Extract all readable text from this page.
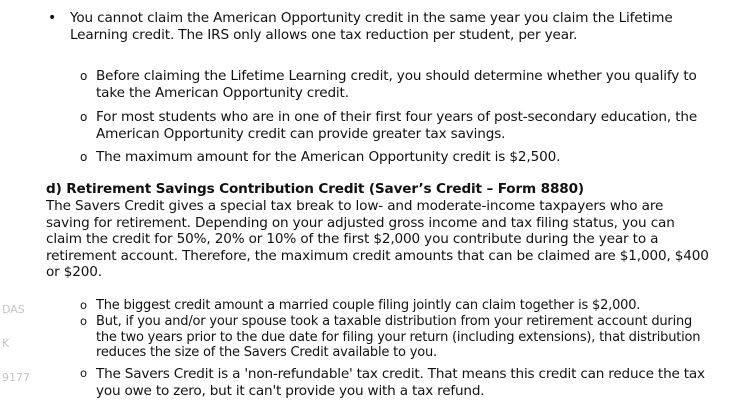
DAS

K

9177

• You cannot claim the American Opportunity credit in the same year you claim the Lifetime Learning credit. The IRS only allows one tax reduction per student, per year.
o Before claiming the Lifetime Learning credit, you should determine whether you qualify to take the American Opportunity credit.
o For most students who are in one of their first four years of post-secondary education, the American Opportunity credit can provide greater tax savings.
o The maximum amount for the American Opportunity credit is $2,500.
d) Retirement Savings Contribution Credit (Saver’s Credit – Form 8880)
The Savers Credit gives a special tax break to low- and moderate-income taxpayers who are saving for retirement. Depending on your adjusted gross income and tax filing status, you can claim the credit for 50%, 20% or 10% of the first $2,000 you contribute during the year to a retirement account. Therefore, the maximum credit amounts that can be claimed are $1,000, $400 or $200.
o The biggest credit amount a married couple filing jointly can claim together is $2,000.
o But, if you and/or your spouse took a taxable distribution from your retirement account during the two years prior to the due date for filing your return (including extensions), that distribution reduces the size of the Savers Credit available to you.
o The Savers Credit is a 'non-refundable' tax credit. That means this credit can reduce the tax you owe to zero, but it can't provide you with a tax refund.
